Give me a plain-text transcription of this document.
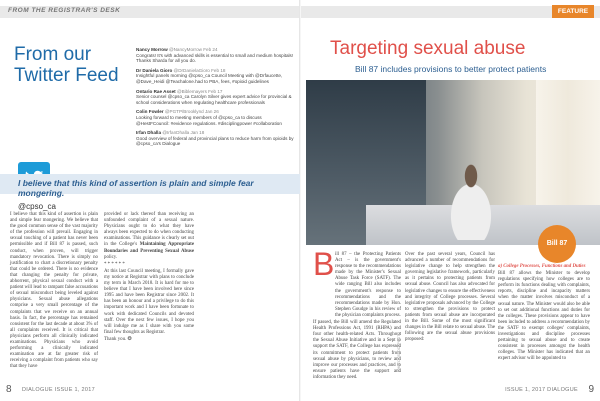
FROM THE REGISTRAR'S DESK	FEATURE
From our
Twitter Feed
@cpso_ca
Nancy Morrow @NancyMorrow Feb 24
Congrats! It's with advanced skills is essential to small and medium hospitals! Thanks Sharda for all you do.
Dr Daniela Gioro @DrDanielaGioro Feb 18
Insightful panels morning @cpso_ca Council Meeting with @Drfaucette, @Dave_Heidi @Teachalone.had to PBA, fees, #opioid guidelines
Ontario Rae Asset @Biblemayers Feb 17
Senior counsel @cpso_ca Carolyn Silver gives expert advice for provincial & school considerations when regulating healthcare professionals
Colin Fowler @PGTP/Brooklynd Jan 26
Looking forward to meeting members of @cpso_ca to discuss @HestFCouncil: #evidence regulations. #disciplingpower #collaboration
Irfan Dhalla @IrfanDhalla Jan 18
Good overview of federal and provincial plans to reduce harm from opioids by @cpso_ca's Dialogue
I believe that this kind of assertion is plain and simple fear mongering.

I believe that this kind of assertion is plain and simple fear mongering. We believe that the good common sense of the vast majority of the profession will prevail. Engaging in sexual touching of a patient has never been permissible and if Bill 87 is passed, such conduct, when proven, will trigger mandatory revocation. There is simply no justification to chart a discretionary penalty that could be ordered. There is no evidence that changing the penalty for private, abhorrent, physical sexual conduct with a patient will lead to rampant false accusations of sexual misconduct being leveled against physicians. Sexual abuse allegations comprise a very small percentage of the complaints that we receive on an annual basis. In fact, the percentage has remained consistent for the last decade at about 3% of all complaints received. It is critical that physicians perform all clinically indicated examinations. Physicians who avoid performing a clinically indicated examination are at far greater risk of receiving a complaint from patients who say that they have

provided or lack thereof than receiving an unfounded complaint of a sexual nature. Physicians ought to do what they have always been expected to do when conducting examinations. This guidance is clearly set out in the College's Maintaining Appropriate Boundaries and Preventing Sexual Abuse policy.

* * * * * *

At this last Council meeting, I formally gave my notice at Registrar with plans to conclude my term in March 2018. It is hard for me to believe that I have been involved here since 1995 and have been Registrar since 2002. It has been an honour and a privilege to do this important work and I have been fortunate to work with dedicated Councils and devoted staff. Over the next few issues, I hope you will indulge me as I share with you some final few thoughts as Registrar.

Thank you. ❂

Targeting sexual abuse
Bill 87 includes provisions to better protect patients
Bill 87
B ill 87 – the Protecting Patients Act – is the government's response to the recommendations made by the Minister's Sexual Abuse Task Force (SATF). The wide ranging Bill also includes the government's response to recommendations and the recommendations made by Hon. Stephen Goudge in his review of the physician complaints process.

If passed, the Bill will amend the Regulated Health Professions Act, 1991 (RHPA) and four other health-related Acts. Throughout the Sexual Abuse Initiative and in a Sept to support the SATF, the College has expressed its commitment to protect patients from sexual abuse by physicians, to review and improve our processes and practices, and to ensure patients have the support and information they need.

PHOTO: ISTOCKPHOTO

Over the past several years, Council has advanced a number of recommendations for legislative change to help strengthen the governing legislative framework, particularly as it pertains to protecting patients from sexual abuse. Council has also advocated for legislative changes to ensure the effectiveness and integrity of College processes. Several legislative proposals advanced by the College to strengthen the provisions to protect patients from sexual abuse are incorporated in the Bill. Some of the most significant changes in the Bill relate to sexual abuse. The following are the sexual abuse provisions proposed:

a) College Processes, Functions and Duties

Bill 87 allows the Minister to develop regulations specifying how colleges are to perform its functions dealing with complaints, reports, discipline and incapacity matters when the matter involves misconduct of a sexual nature. The Minister would also be able to set out additional functions and duties for the colleges. These provisions appear to have been included to address a recommendation by the SATF to exempt colleges' complaints, investigations and discipline processes pertaining to sexual abuse and to create consistent in processes amongst the health colleges. The Minister has indicated that an expert advisor will be appointed to

8 DIALOGUE ISSUE 1, 2017	ISSUE 1, 2017 DIALOGUE 9
